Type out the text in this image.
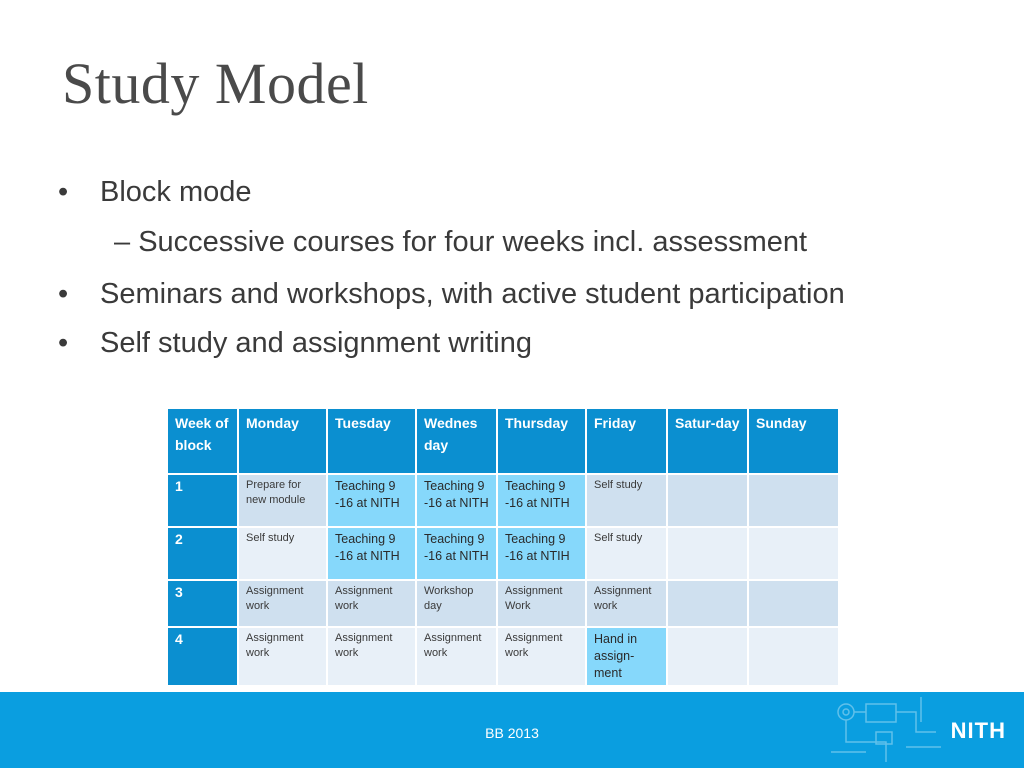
Study Model
• Block mode
– Successive courses for four weeks incl. assessment
• Seminars and workshops, with active student participation
• Self study and assignment writing
Week of block	Monday	Tuesday	Wednes day	Thursday	Friday	Satur-day	Sunday
1	Prepare for new module	Teaching 9 -16 at NITH	Teaching 9 -16 at NITH	Teaching 9 -16 at NITH	Self study		
2	Self study	Teaching 9 -16 at NITH	Teaching 9 -16 at NITH	Teaching 9 -16 at NTIH	Self study		
3	Assignment work	Assignment work	Workshop day	Assignment Work	Assignment work		
4	Assignment work	Assignment work	Assignment work	Assignment work	Hand in assign-ment		
BB 2013	NITH
